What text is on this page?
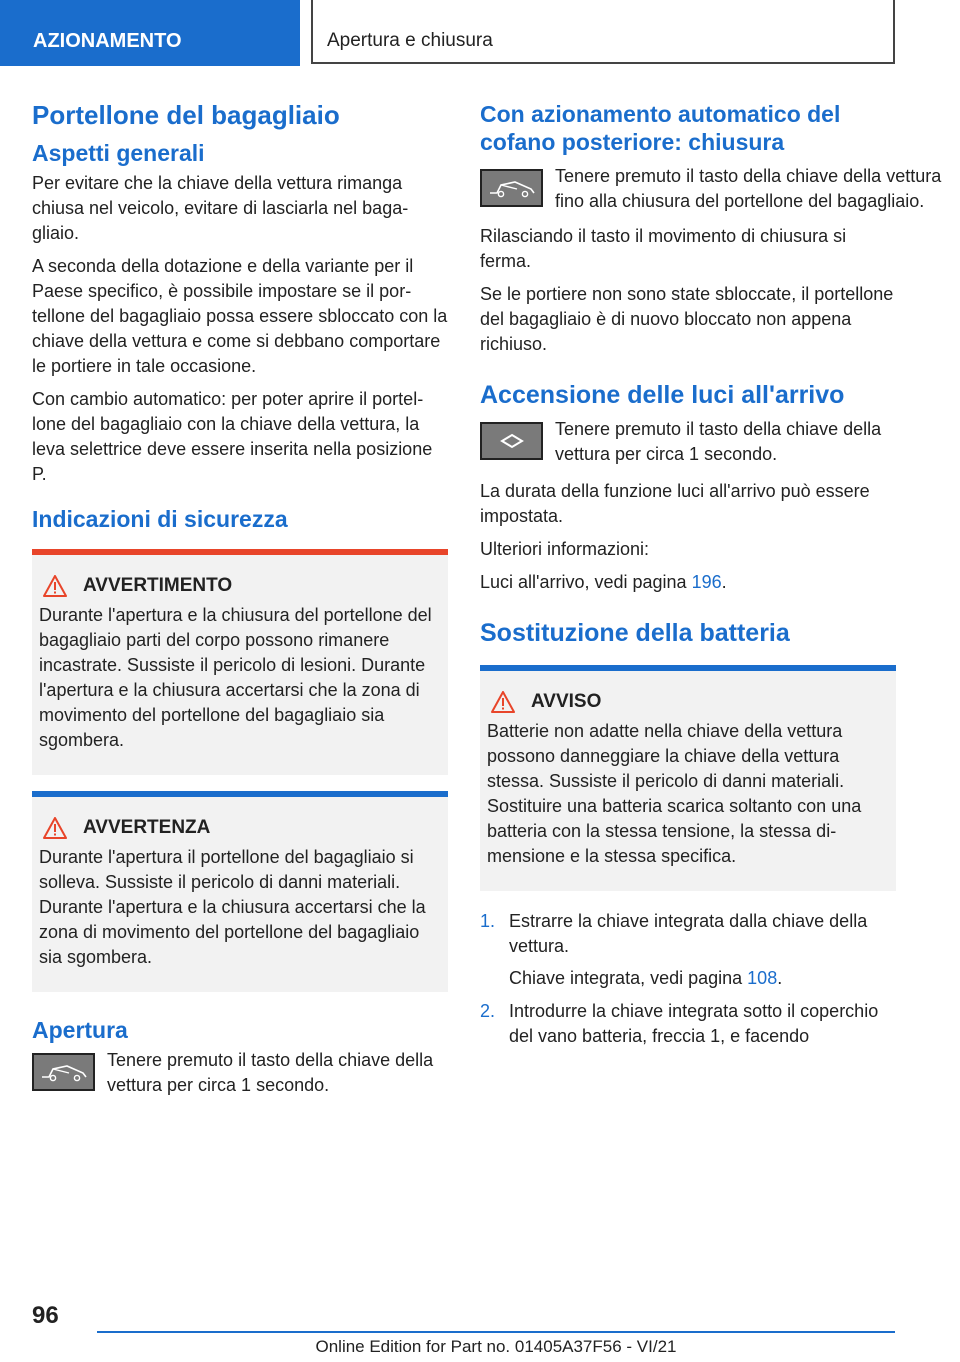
AZIONAMENTO	Apertura e chiusura
Portellone del bagagliaio
Aspetti generali

Per evitare che la chiave della vettura rimanga chiusa nel veicolo, evitare di lasciarla nel bagagliaio.

A seconda della dotazione e della variante per il Paese specifico, è possibile impostare se il portellone del bagagliaio possa essere sbloccato con la chiave della vettura e come si debbano comportare le portiere in tale occasione.

Con cambio automatico: per poter aprire il portellone del bagagliaio con la chiave della vettura, la leva selettrice deve essere inserita nella posizione P.

Indicazioni di sicurezza
AVVERTIMENTO

Durante l'apertura e la chiusura del portellone del bagagliaio parti del corpo possono rimanere incastrate. Sussiste il pericolo di lesioni. Durante l'apertura e la chiusura accertarsi che la zona di movimento del portellone del bagagliaio sia sgombera.

AVVERTENZA

Durante l'apertura il portellone del bagagliaio si solleva. Sussiste il pericolo di danni materiali. Durante l'apertura e la chiusura accertarsi che la zona di movimento del portellone del bagagliaio sia sgombera.

Apertura

Tenere premuto il tasto della chiave della vettura per circa 1 secondo.

Con azionamento automatico del cofano posteriore: chiusura

Tenere premuto il tasto della chiave della vettura fino alla chiusura del portellone del bagagliaio.

Rilasciando il tasto il movimento di chiusura si ferma.

Se le portiere non sono state sbloccate, il portellone del bagagliaio è di nuovo bloccato non appena richiuso.

Accensione delle luci all'arrivo

Tenere premuto il tasto della chiave della vettura per circa 1 secondo.

La durata della funzione luci all'arrivo può essere impostata.

Ulteriori informazioni:

Luci all'arrivo, vedi pagina 196.

Sostituzione della batteria
AVVISO

Batterie non adatte nella chiave della vettura possono danneggiare la chiave della vettura stessa. Sussiste il pericolo di danni materiali. Sostituire una batteria scarica soltanto con una batteria con la stessa tensione, la stessa dimensione e la stessa specifica.

1. Estrarre la chiave integrata dalla chiave della vettura.
Chiave integrata, vedi pagina 108.
2. Introdurre la chiave integrata sotto il coperchio del vano batteria, freccia 1, e facendo
96
Online Edition for Part no. 01405A37F56 - VI/21
